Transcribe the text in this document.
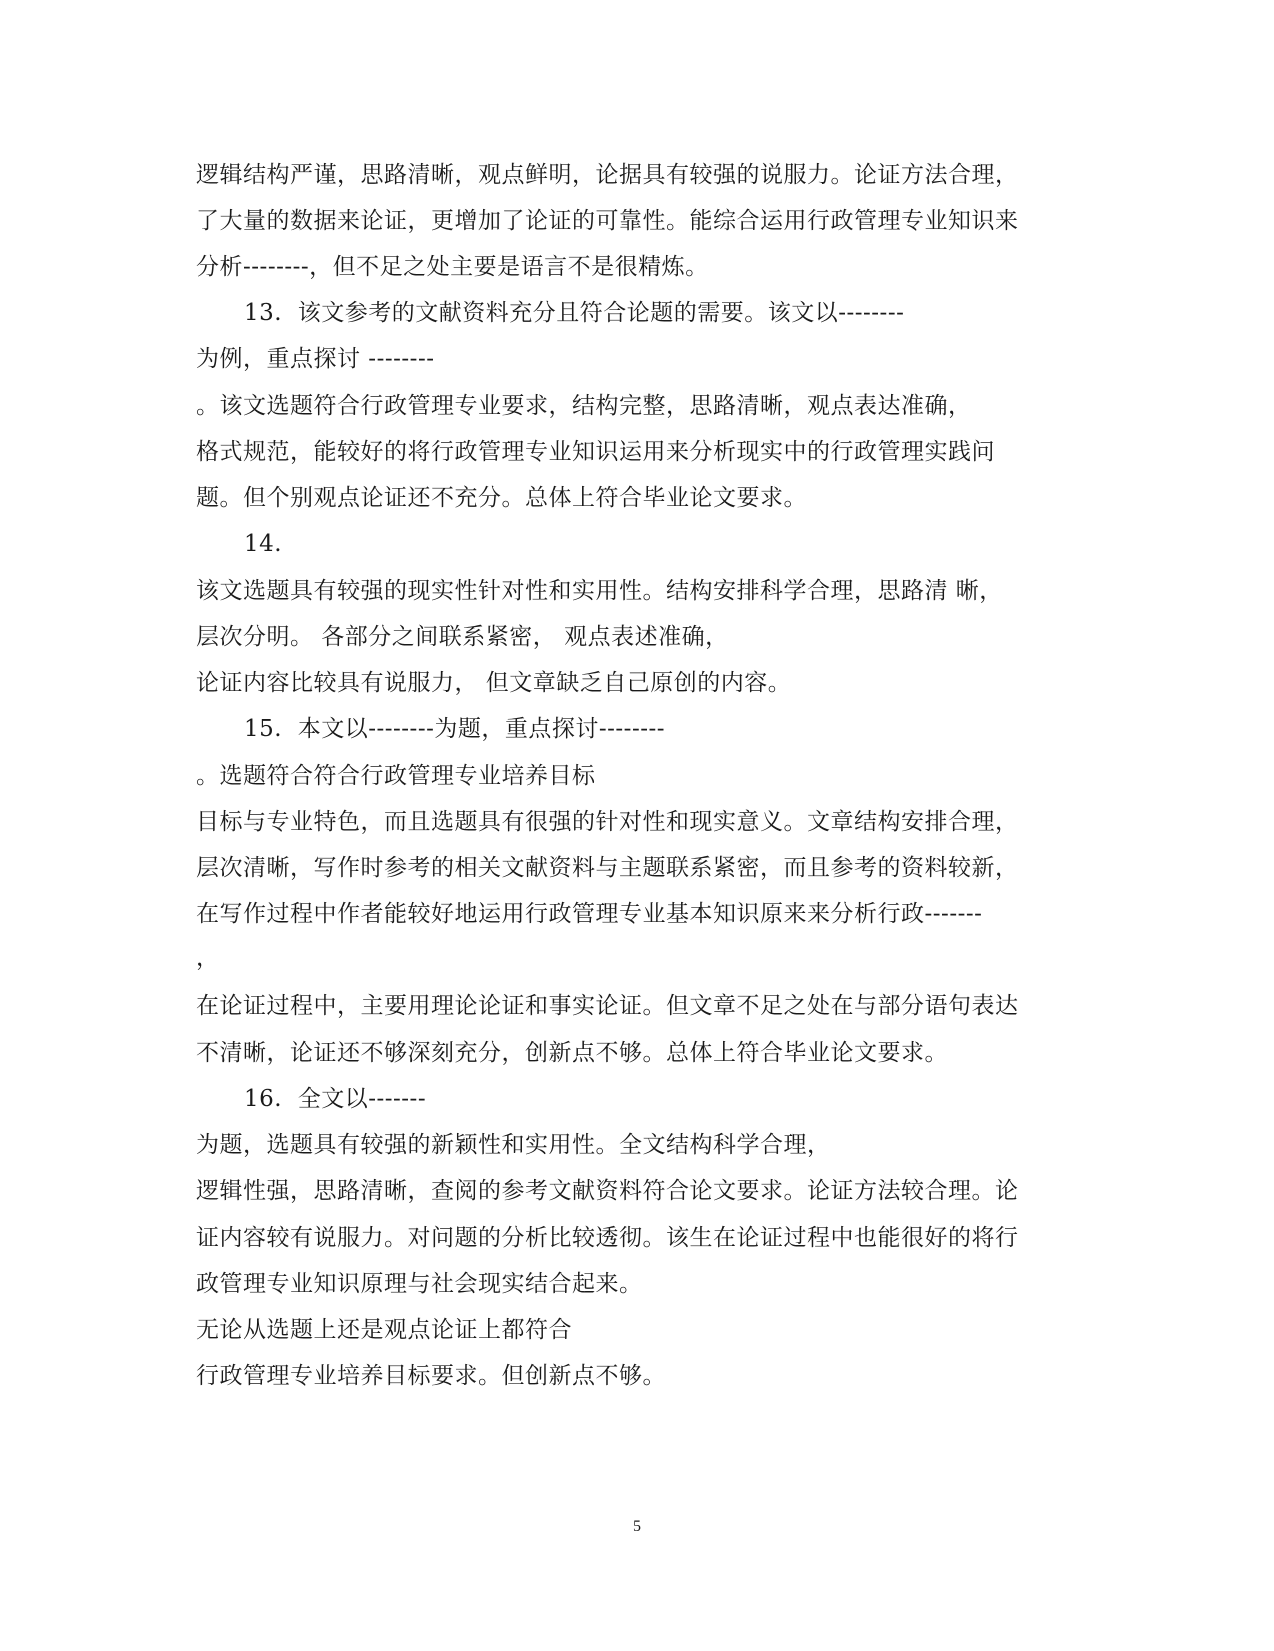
逻辑结构严谨，思路清晰，观点鲜明，论据具有较强的说服力。论证方法合理，
了大量的数据来论证，更增加了论证的可靠性。能综合运用行政管理专业知识来
分析--------，但不足之处主要是语言不是很精炼。
13.  该文参考的文献资料充分且符合论题的需要。该文以--------
为例，重点探讨 --------
。该文选题符合行政管理专业要求，结构完整，思路清晰，观点表达准确，
格式规范，能较好的将行政管理专业知识运用来分析现实中的行政管理实践问
题。但个别观点论证还不充分。总体上符合毕业论文要求。
14.
该文选题具有较强的现实性针对性和实用性。结构安排科学合理，思路清 晰，
层次分明。 各部分之间联系紧密， 观点表述准确，
论证内容比较具有说服力， 但文章缺乏自己原创的内容。
15.  本文以--------为题，重点探讨--------
。选题符合符合行政管理专业培养目标
目标与专业特色，而且选题具有很强的针对性和现实意义。文章结构安排合理，
层次清晰，写作时参考的相关文献资料与主题联系紧密，而且参考的资料较新，
在写作过程中作者能较好地运用行政管理专业基本知识原来来分析行政-------
，
在论证过程中，主要用理论论证和事实论证。但文章不足之处在与部分语句表达
不清晰，论证还不够深刻充分，创新点不够。总体上符合毕业论文要求。
16.  全文以-------
为题，选题具有较强的新颖性和实用性。全文结构科学合理，
逻辑性强，思路清晰，查阅的参考文献资料符合论文要求。论证方法较合理。论
证内容较有说服力。对问题的分析比较透彻。该生在论证过程中也能很好的将行
政管理专业知识原理与社会现实结合起来。
无论从选题上还是观点论证上都符合
行政管理专业培养目标要求。但创新点不够。
5
